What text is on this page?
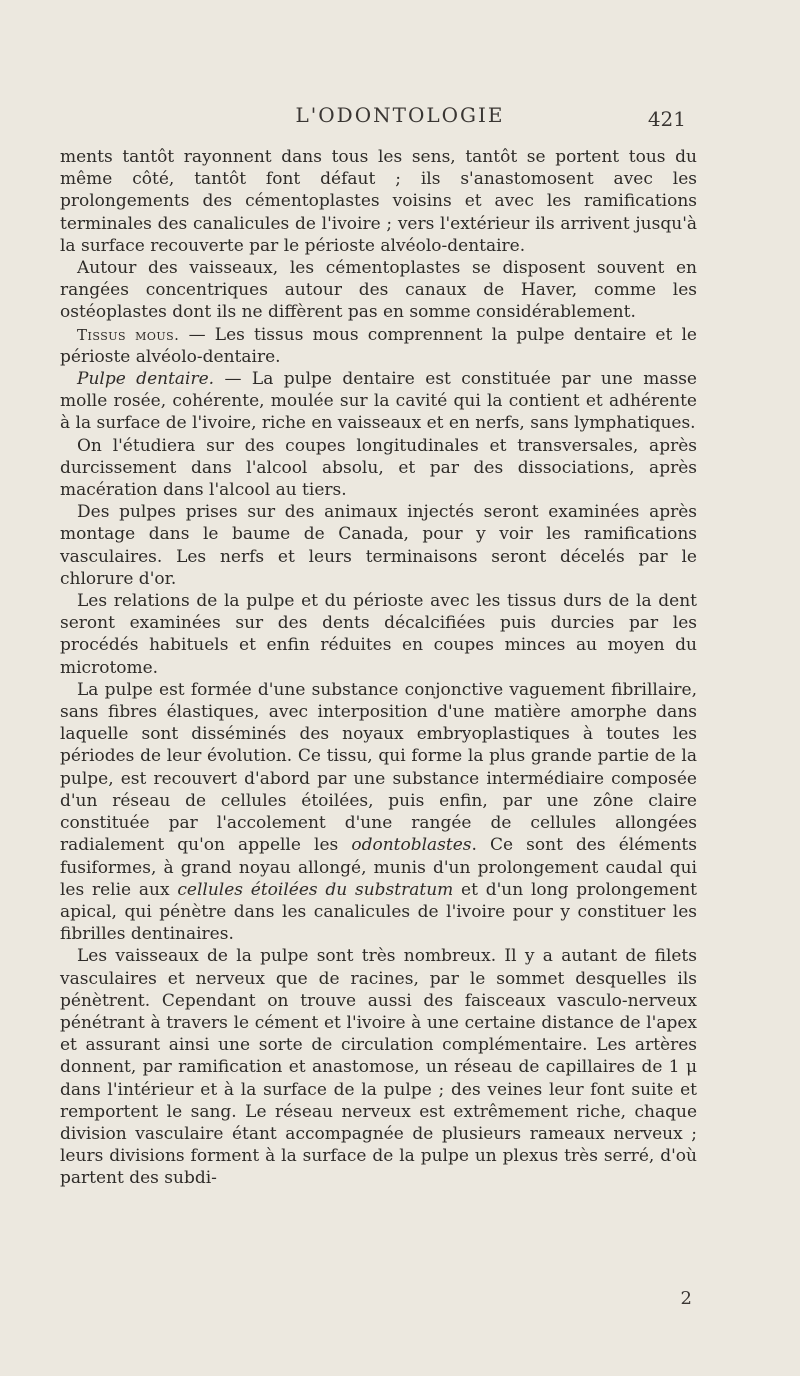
L'ODONTOLOGIE	421

ments tantôt rayonnent dans tous les sens, tantôt se portent tous du même côté, tantôt font défaut ; ils s'anastomosent avec les prolongements des cémentoplastes voisins et avec les ramifications terminales des canalicules de l'ivoire ; vers l'extérieur ils arrivent jusqu'à la surface recouverte par le périoste alvéolo-dentaire.

Autour des vaisseaux, les cémentoplastes se disposent souvent en rangées concentriques autour des canaux de Haver, comme les ostéoplastes dont ils ne diffèrent pas en somme considérablement.

Tissus mous. — Les tissus mous comprennent la pulpe dentaire et le périoste alvéolo-dentaire.

Pulpe dentaire. — La pulpe dentaire est constituée par une masse molle rosée, cohérente, moulée sur la cavité qui la contient et adhérente à la surface de l'ivoire, riche en vaisseaux et en nerfs, sans lymphatiques.

On l'étudiera sur des coupes longitudinales et transversales, après durcissement dans l'alcool absolu, et par des dissociations, après macération dans l'alcool au tiers.

Des pulpes prises sur des animaux injectés seront examinées après montage dans le baume de Canada, pour y voir les ramifications vasculaires. Les nerfs et leurs terminaisons seront décelés par le chlorure d'or.

Les relations de la pulpe et du périoste avec les tissus durs de la dent seront examinées sur des dents décalcifiées puis durcies par les procédés habituels et enfin réduites en coupes minces au moyen du microtome.

La pulpe est formée d'une substance conjonctive vaguement fibrillaire, sans fibres élastiques, avec interposition d'une matière amorphe dans laquelle sont disséminés des noyaux embryoplastiques à toutes les périodes de leur évolution. Ce tissu, qui forme la plus grande partie de la pulpe, est recouvert d'abord par une substance intermédiaire composée d'un réseau de cellules étoilées, puis enfin, par une zône claire constituée par l'accolement d'une rangée de cellules allongées radialement qu'on appelle les odontoblastes. Ce sont des éléments fusiformes, à grand noyau allongé, munis d'un prolongement caudal qui les relie aux cellules étoilées du substratum et d'un long prolongement apical, qui pénètre dans les canalicules de l'ivoire pour y constituer les fibrilles dentinaires.

Les vaisseaux de la pulpe sont très nombreux. Il y a autant de filets vasculaires et nerveux que de racines, par le sommet desquelles ils pénètrent. Cependant on trouve aussi des faisceaux vasculo-nerveux pénétrant à travers le cément et l'ivoire à une certaine distance de l'apex et assurant ainsi une sorte de circulation complémentaire. Les artères donnent, par ramification et anastomose, un réseau de capillaires de 1 μ dans l'intérieur et à la surface de la pulpe ; des veines leur font suite et remportent le sang. Le réseau nerveux est extrêmement riche, chaque division vasculaire étant accompagnée de plusieurs rameaux nerveux ; leurs divisions forment à la surface de la pulpe un plexus très serré, d'où partent des subdi-

2
